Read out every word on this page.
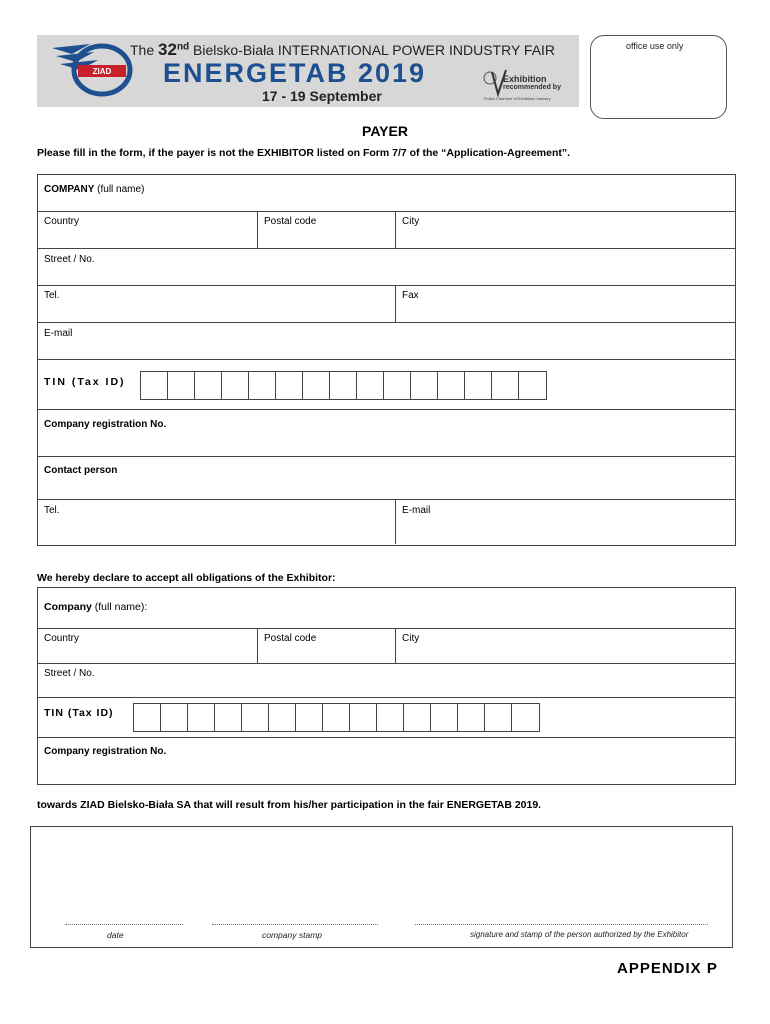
ZIAD
The 32nd Bielsko-Biała INTERNATIONAL POWER INDUSTRY FAIR
ENERGETAB 2019
17 - 19 September
Exhibition
recommended by
Polish Chamber of Exhibition Industry
office use only
PAYER
Please fill in the form, if the payer is not the EXHIBITOR listed on Form 7/7 of the “Application-Agreement”.
COMPANY (full name)
Country	Postal code	City
Street / No.
Tel.	Fax
E-mail
TIN (Tax ID)
Company registration No.
Contact person
Tel.	E-mail
We hereby declare to accept all obligations of the Exhibitor:
Company (full name):
Country	Postal code	City
Street / No.
TIN (Tax ID)
Company registration No.
towards ZIAD Bielsko-Biała SA that will result from his/her participation in the fair ENERGETAB 2019.
date	company stamp	signature and stamp of the person authorized by the Exhibitor
APPENDIX P
